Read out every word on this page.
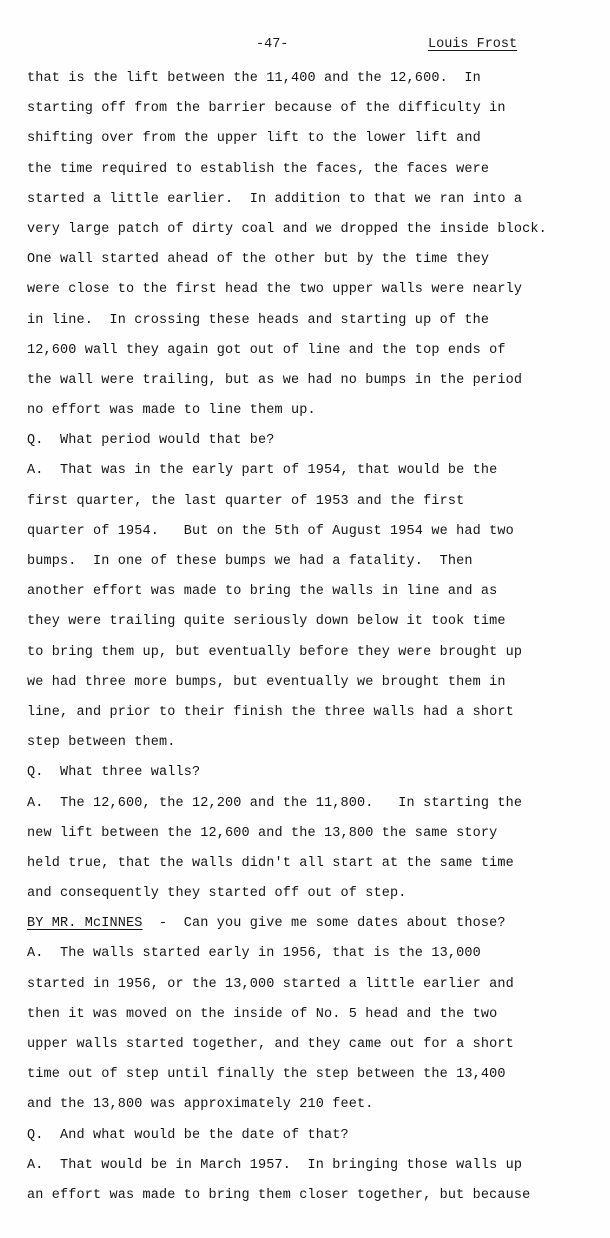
-47-	Louis Frost
that is the lift between the 11,400 and the 12,600.  In
starting off from the barrier because of the difficulty in
shifting over from the upper lift to the lower lift and
the time required to establish the faces, the faces were
started a little earlier.  In addition to that we ran into a
very large patch of dirty coal and we dropped the inside block.
One wall started ahead of the other but by the time they
were close to the first head the two upper walls were nearly
in line.  In crossing these heads and starting up of the
12,600 wall they again got out of line and the top ends of
the wall were trailing, but as we had no bumps in the period
no effort was made to line them up.
Q.  What period would that be?
A.  That was in the early part of 1954, that would be the
first quarter, the last quarter of 1953 and the first
quarter of 1954.   But on the 5th of August 1954 we had two
bumps.  In one of these bumps we had a fatality.  Then
another effort was made to bring the walls in line and as
they were trailing quite seriously down below it took time
to bring them up, but eventually before they were brought up
we had three more bumps, but eventually we brought them in
line, and prior to their finish the three walls had a short
step between them.
Q.  What three walls?
A.  The 12,600, the 12,200 and the 11,800.   In starting the
new lift between the 12,600 and the 13,800 the same story
held true, that the walls didn't all start at the same time
and consequently they started off out of step.
BY MR. McINNES  -  Can you give me some dates about those?
A.  The walls started early in 1956, that is the 13,000
started in 1956, or the 13,000 started a little earlier and
then it was moved on the inside of No. 5 head and the two
upper walls started together, and they came out for a short
time out of step until finally the step between the 13,400
and the 13,800 was approximately 210 feet.
Q.  And what would be the date of that?
A.  That would be in March 1957.  In bringing those walls up
an effort was made to bring them closer together, but because
